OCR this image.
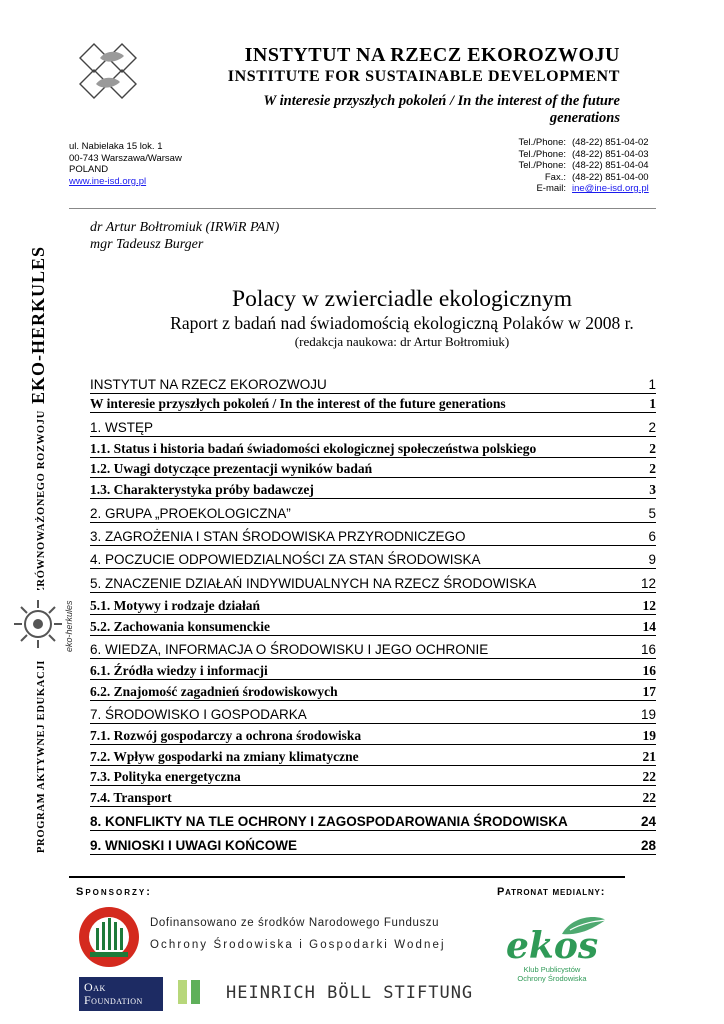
INSTYTUT NA RZECZ EKOROZWOJU
INSTITUTE FOR SUSTAINABLE DEVELOPMENT
W interesie przyszłych pokoleń / In the interest of the future
generations
ul. Nabielaka 15 lok. 1
00-743 Warszawa/Warsaw
POLAND
www.ine-isd.org.pl
Tel./Phone: (48-22) 851-04-02
Tel./Phone: (48-22) 851-04-03
Tel./Phone: (48-22) 851-04-04
Fax.: (48-22) 851-04-00
E-mail: ine@ine-isd.org.pl
dr Artur Bołtromiuk (IRWiR PAN)
mgr Tadeusz Burger
Polacy w zwierciadle ekologicznym
Raport z badań nad świadomością ekologiczną Polaków w 2008 r.
(redakcja naukowa: dr Artur Bołtromiuk)
EKO-HERKULES
eko-herkules
INSTYTUT NA RZECZ EKOROZWOJU	1
W interesie przyszłych pokoleń / In the interest of the future generations	1
1. WSTĘP	2
1.1. Status i historia badań świadomości ekologicznej społeczeństwa polskiego	2
1.2. Uwagi dotyczące prezentacji wyników badań	2
1.3. Charakterystyka próby badawczej	3
2. GRUPA „PROEKOLOGICZNA”	5
3. ZAGROŻENIA I STAN ŚRODOWISKA PRZYRODNICZEGO	6
4. POCZUCIE ODPOWIEDZIALNOŚCI ZA STAN ŚRODOWISKA	9
5. ZNACZENIE DZIAŁAŃ INDYWIDUALNYCH NA RZECZ ŚRODOWISKA	12
5.1. Motywy i rodzaje działań	12
5.2. Zachowania konsumenckie	14
6. WIEDZA, INFORMACJA O ŚRODOWISKU I JEGO OCHRONIE	16
6.1. Źródła wiedzy i informacji	16
6.2. Znajomość zagadnień środowiskowych	17
7. ŚRODOWISKO I GOSPODARKA	19
7.1. Rozwój gospodarczy a ochrona środowiska	19
7.2. Wpływ gospodarki na zmiany klimatyczne	21
7.3. Polityka energetyczna	22
7.4. Transport	22
8. KONFLIKTY NA TLE OCHRONY I ZAGOSPODAROWANIA ŚRODOWISKA	24
9. WNIOSKI I UWAGI KOŃCOWE	28
Sponsorzy:	Patronat medialny:
Dofinansowano ze środków Narodowego Funduszu
Ochrony Środowiska i Gospodarki Wodnej
Oak
Foundation	HEINRICH BÖLL STIFTUNG
ekos
Klub Publicystów
Ochrony Środowiska
